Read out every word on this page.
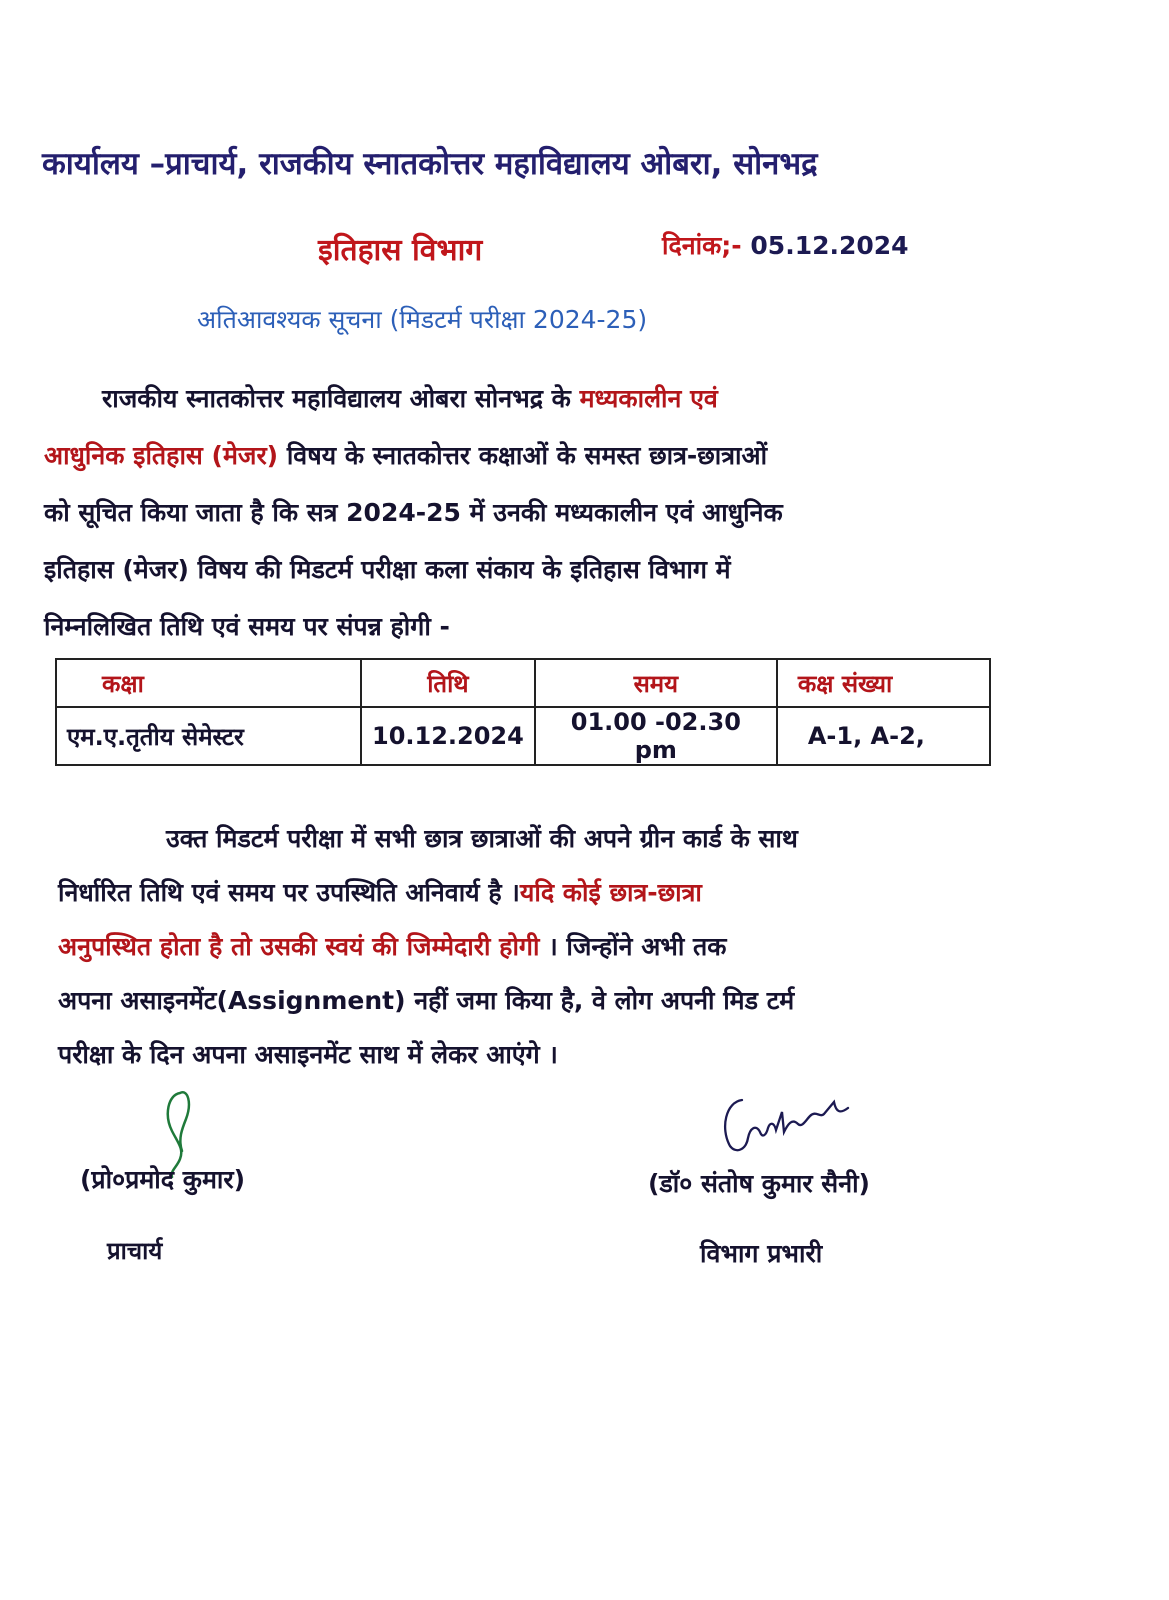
कार्यालय –प्राचार्य, राजकीय स्नातकोत्तर महाविद्यालय ओबरा, सोनभद्र
इतिहास विभाग	दिनांक;- 05.12.2024
अतिआवश्यक सूचना (मिडटर्म परीक्षा 2024-25)
राजकीय स्नातकोत्तर महाविद्यालय ओबरा सोनभद्र के मध्यकालीन एवं
आधुनिक इतिहास (मेजर) विषय के स्नातकोत्तर कक्षाओं के समस्त छात्र-छात्राओं
को सूचित किया जाता है कि सत्र 2024-25 में उनकी मध्यकालीन एवं आधुनिक
इतिहास (मेजर) विषय की मिडटर्म परीक्षा कला संकाय के इतिहास विभाग में
निम्नलिखित तिथि एवं समय पर संपन्न होगी -
कक्षा	तिथि	समय	कक्ष संख्या
एम.ए.तृतीय सेमेस्टर	10.12.2024	01.00 -02.30 pm	A-1, A-2,
उक्त मिडटर्म परीक्षा में सभी छात्र छात्राओं की अपने ग्रीन कार्ड के साथ
निर्धारित तिथि एवं समय पर उपस्थिति अनिवार्य है ।यदि कोई छात्र-छात्रा
अनुपस्थित होता है तो उसकी स्वयं की जिम्मेदारी होगी । जिन्होंने अभी तक
अपना असाइनमेंट(Assignment) नहीं जमा किया है, वे लोग अपनी मिड टर्म
परीक्षा के दिन अपना असाइनमेंट साथ में लेकर आएंगे ।
(प्रो०प्रमोद कुमार)
प्राचार्य
(डॉ० संतोष कुमार सैनी)
विभाग प्रभारी
